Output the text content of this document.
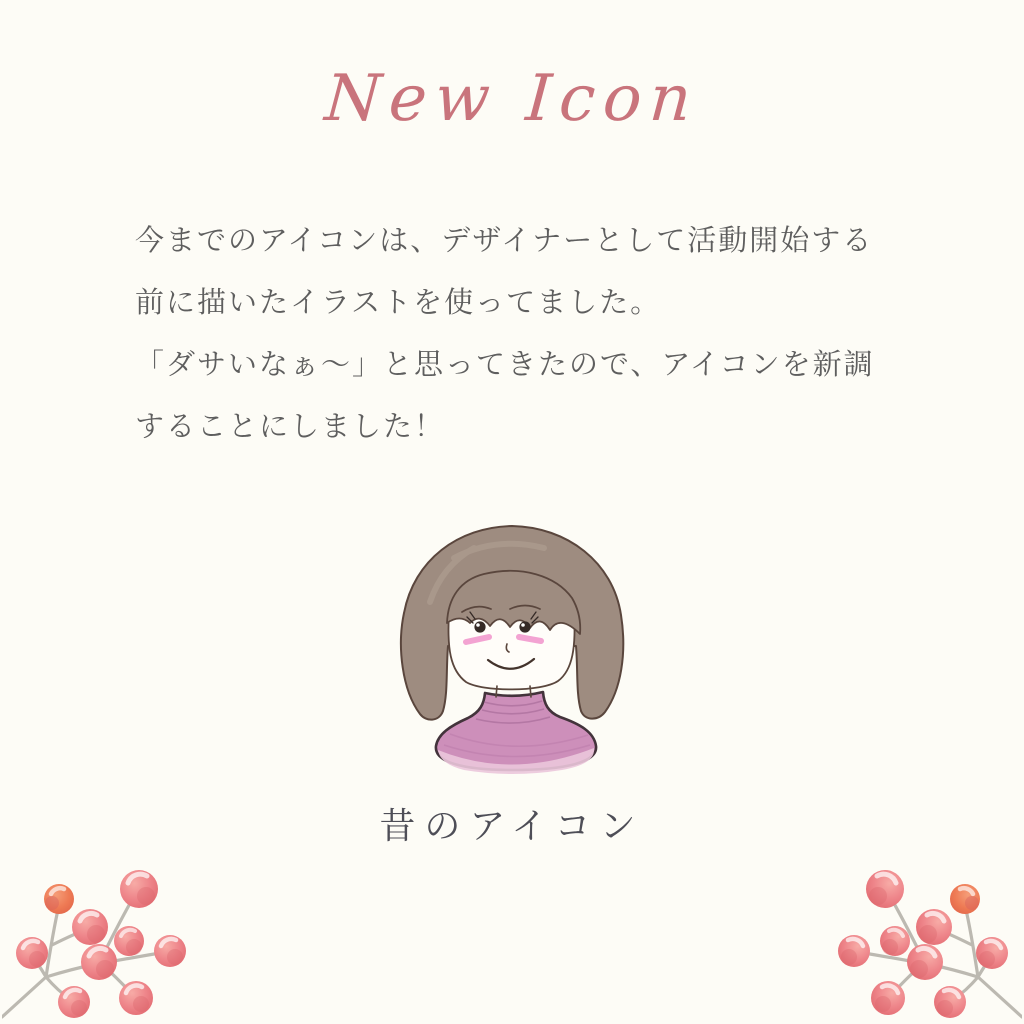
New Icon
今までのアイコンは、デザイナーとして活動開始する
前に描いたイラストを使ってました。
「ダサいなぁ〜」と思ってきたので、アイコンを新調
することにしました！
昔のアイコン
